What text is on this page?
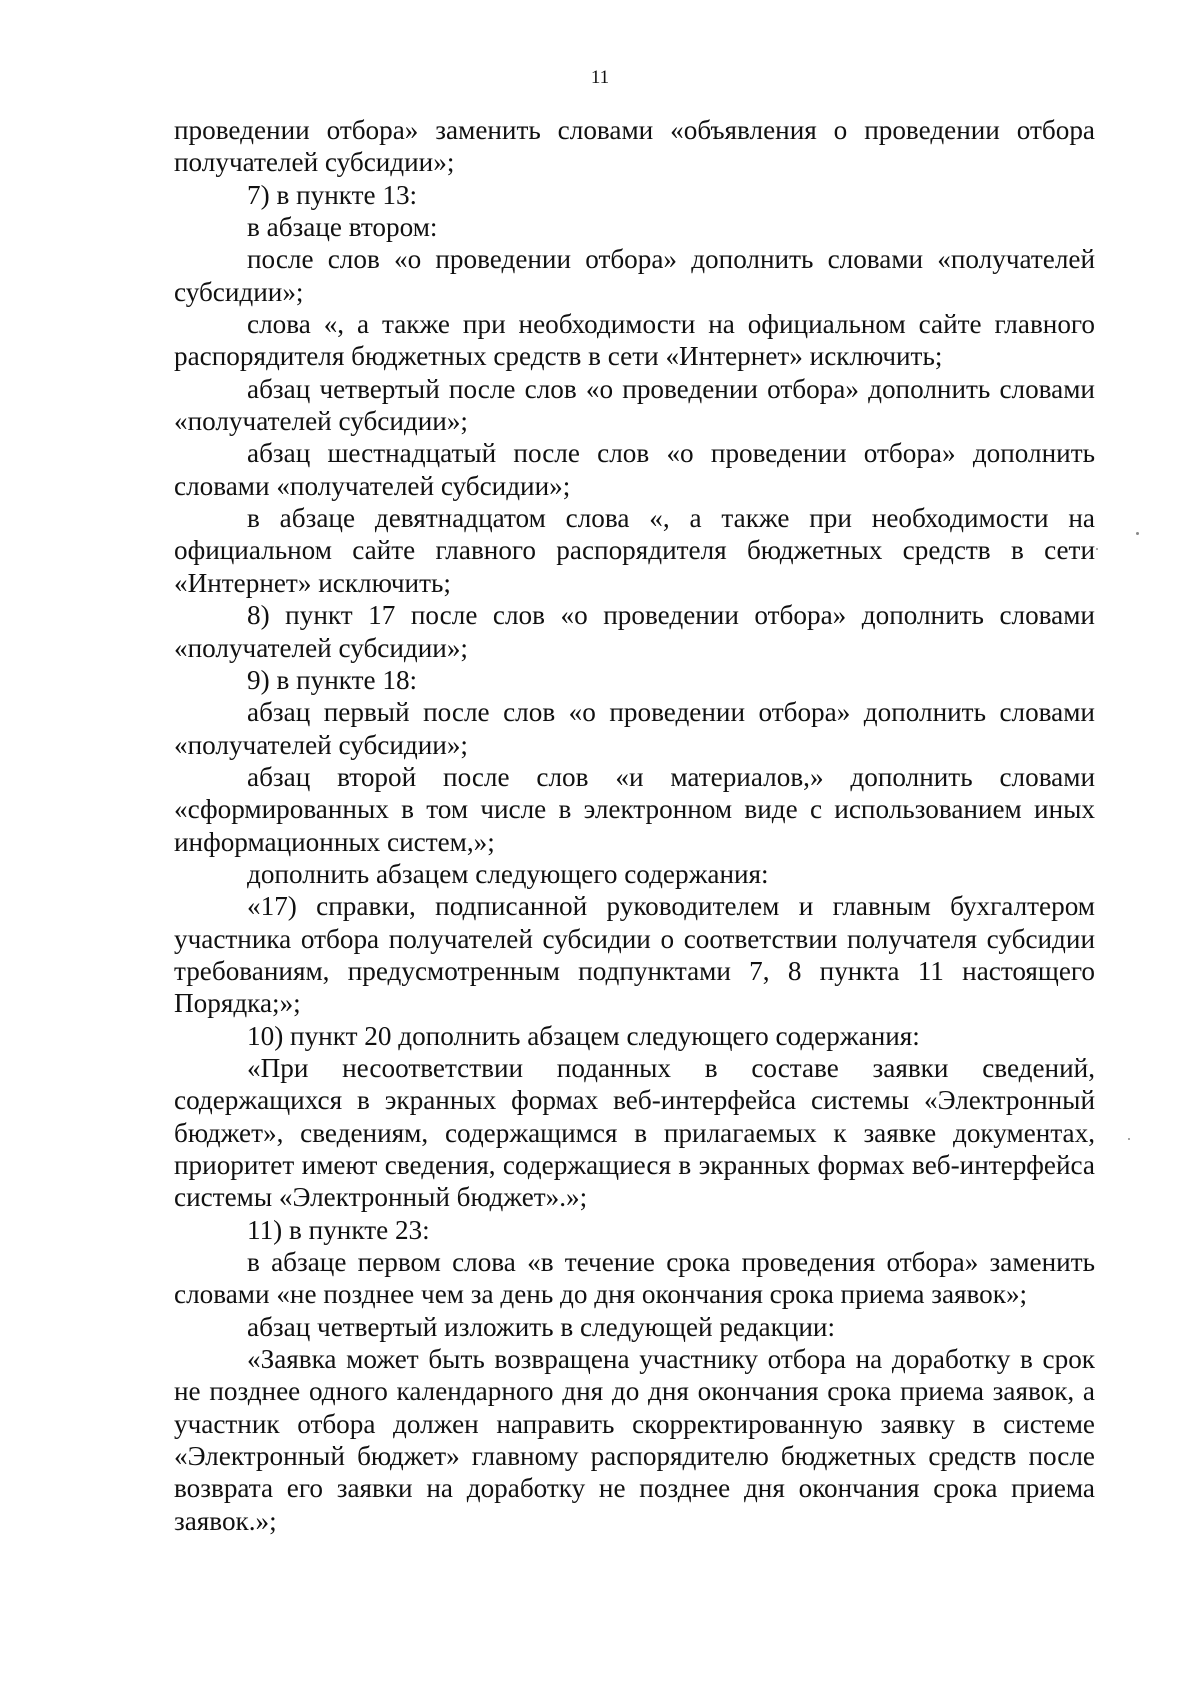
11

проведении отбора» заменить словами «объявления о проведении отбора получателей субсидии»;

7) в пункте 13:

в абзаце втором:

после слов «о проведении отбора» дополнить словами «получателей субсидии»;

слова «, а также при необходимости на официальном сайте главного распорядителя бюджетных средств в сети «Интернет» исключить;

абзац четвертый после слов «о проведении отбора» дополнить словами «получателей субсидии»;

абзац шестнадцатый после слов «о проведении отбора» дополнить словами «получателей субсидии»;

в абзаце девятнадцатом слова «, а также при необходимости на официальном сайте главного распорядителя бюджетных средств в сети «Интернет» исключить;

8) пункт 17 после слов «о проведении отбора» дополнить словами «получателей субсидии»;

9) в пункте 18:

абзац первый после слов «о проведении отбора» дополнить словами «получателей субсидии»;

абзац второй после слов «и материалов,» дополнить словами «сформированных в том числе в электронном виде с использованием иных информационных систем,»;

дополнить абзацем следующего содержания:

«17) справки, подписанной руководителем и главным бухгалтером участника отбора получателей субсидии о соответствии получателя субсидии требованиям, предусмотренным подпунктами 7, 8 пункта 11 настоящего Порядка;»;

10) пункт 20 дополнить абзацем следующего содержания:

«При несоответствии поданных в составе заявки сведений, содержащихся в экранных формах веб-интерфейса системы «Электронный бюджет», сведениям, содержащимся в прилагаемых к заявке документах, приоритет имеют сведения, содержащиеся в экранных формах веб-интерфейса системы «Электронный бюджет».»;

11) в пункте 23:

в абзаце первом слова «в течение срока проведения отбора» заменить словами «не позднее чем за день до дня окончания срока приема заявок»;

абзац четвертый изложить в следующей редакции:

«Заявка может быть возвращена участнику отбора на доработку в срок не позднее одного календарного дня до дня окончания срока приема заявок, а участник отбора должен направить скорректированную заявку в системе «Электронный бюджет» главному распорядителю бюджетных средств после возврата его заявки на доработку не позднее дня окончания срока приема заявок.»;
